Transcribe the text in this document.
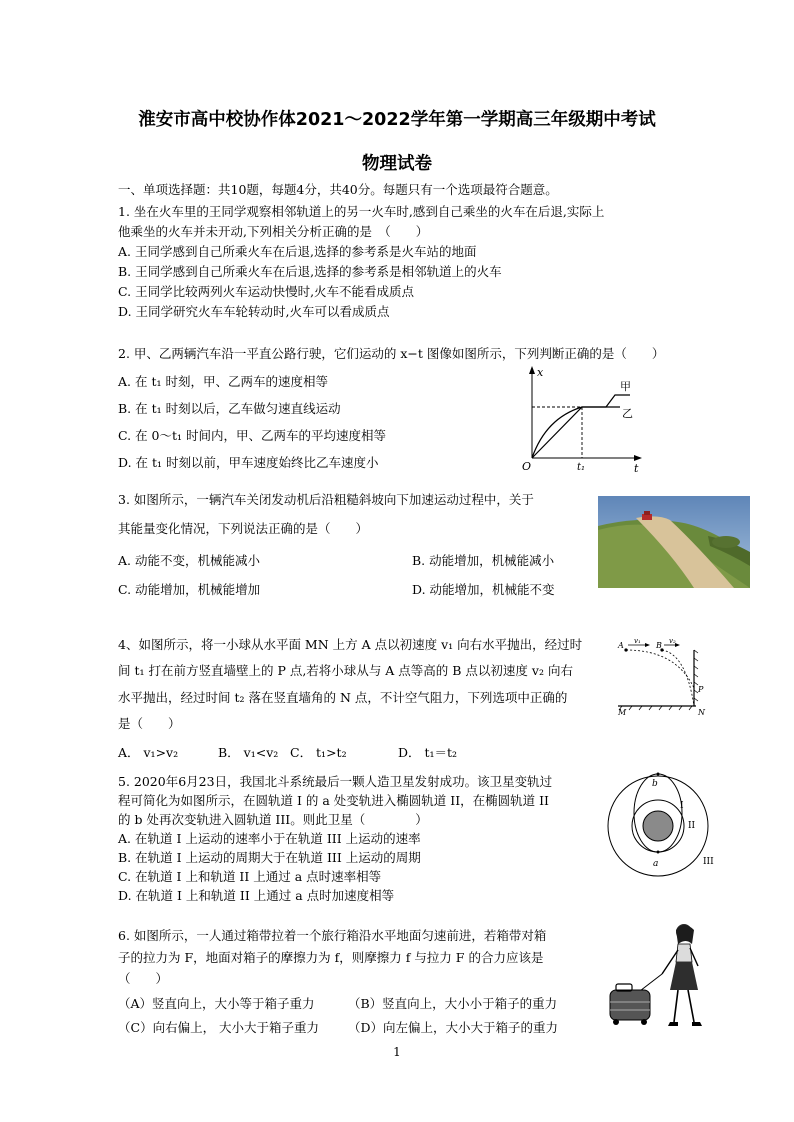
淮安市高中校协作体2021～2022学年第一学期高三年级期中考试
物理试卷
一、单项选择题：共10题，每题4分，共40分。每题只有一个选项最符合题意。
1. 坐在火车里的王同学观察相邻轨道上的另一火车时,感到自己乘坐的火车在后退,实际上
他乘坐的火车并未开动,下列相关分析正确的是　（　　）
A. 王同学感到自己所乘火车在后退,选择的参考系是火车站的地面
B. 王同学感到自己所乘火车在后退,选择的参考系是相邻轨道上的火车
C. 王同学比较两列火车运动快慢时,火车不能看成质点
D. 王同学研究火车车轮转动时,火车可以看成质点
2. 甲、乙两辆汽车沿一平直公路行驶，它们运动的 x−t 图像如图所示，下列判断正确的是（　　）
A. 在 t₁ 时刻，甲、乙两车的速度相等
B. 在 t₁ 时刻以后，乙车做匀速直线运动
C. 在 0～t₁ 时间内，甲、乙两车的平均速度相等
D. 在 t₁ 时刻以前，甲车速度始终比乙车速度小
x
t
O	t₁
甲
乙
3. 如图所示，一辆汽车关闭发动机后沿粗糙斜坡向下加速运动过程中，关于
其能量变化情况，下列说法正确的是（　　）
A. 动能不变，机械能减小	B. 动能增加，机械能减小
C. 动能增加，机械能增加	D. 动能增加，机械能不变
4、如图所示，将一小球从水平面 MN 上方 A 点以初速度 v₁ 向右水平抛出，经过时
间 t₁ 打在前方竖直墙壁上的 P 点,若将小球从与 A 点等高的 B 点以初速度 v₂ 向右
水平抛出，经过时间 t₂ 落在竖直墙角的 N 点，不计空气阻力，下列选项中正确的
是（　　）
A． v₁>v₂	B． v₁<v₂ C． t₁>t₂	D． t₁＝t₂
A v₁ B v₂
P
M	N
5. 2020年6月23日，我国北斗系统最后一颗人造卫星发射成功。该卫星变轨过
程可简化为如图所示，在圆轨道 I 的 a 处变轨进入椭圆轨道 II，在椭圆轨道 II
的 b 处再次变轨进入圆轨道 III。则此卫星（　　　　）
A. 在轨道 I 上运动的速率小于在轨道 III 上运动的速率
B. 在轨道 I 上运动的周期大于在轨道 III 上运动的周期
C. 在轨道 I 上和轨道 II 上通过 a 点时速率相等
D. 在轨道 I 上和轨道 II 上通过 a 点时加速度相等
b
I
II
III
a
6. 如图所示，一人通过箱带拉着一个旅行箱沿水平地面匀速前进，若箱带对箱
子的拉力为 F，地面对箱子的摩擦力为 f，则摩擦力 f 与拉力 F 的合力应该是
（　　）
（A）竖直向上，大小等于箱子重力	（B）竖直向上，大小小于箱子的重力
（C）向右偏上， 大小大于箱子重力 （D）向左偏上，大小大于箱子的重力
1
